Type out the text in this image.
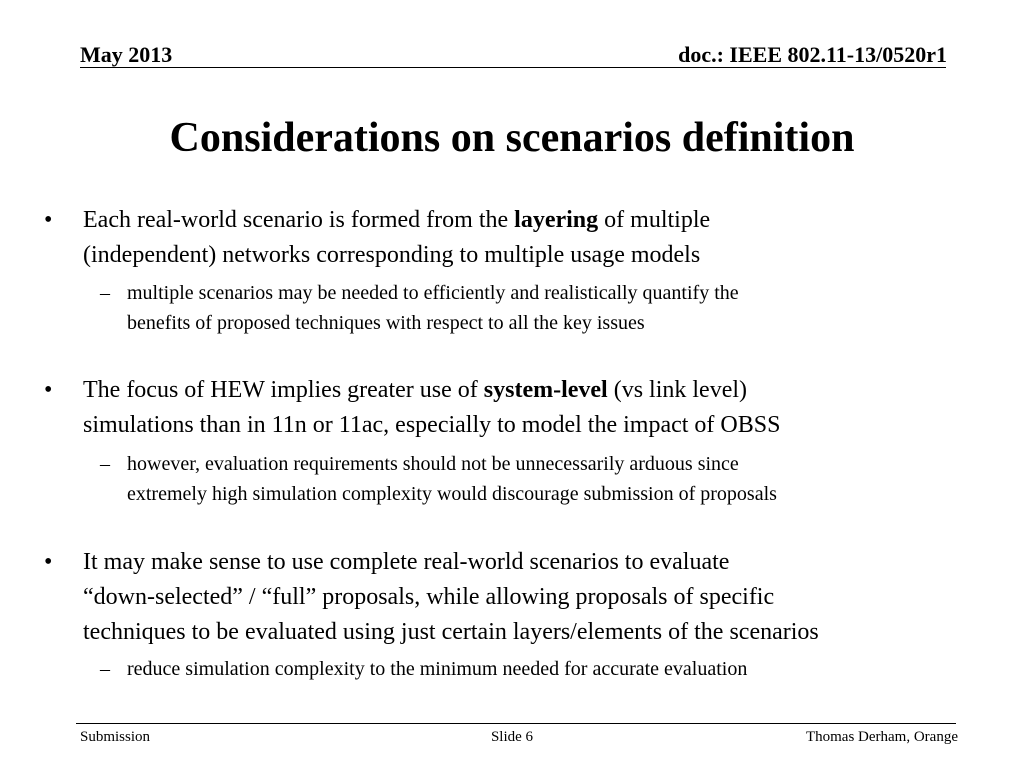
May 2013	doc.: IEEE 802.11-13/0520r1
Considerations on scenarios definition
• Each real-world scenario is formed from the layering of multiple
(independent) networks corresponding to multiple usage models
– multiple scenarios may be needed to efficiently and realistically quantify the
benefits of proposed techniques with respect to all the key issues
• The focus of HEW implies greater use of system-level (vs link level)
simulations than in 11n or 11ac, especially to model the impact of OBSS
– however, evaluation requirements should not be unnecessarily arduous since
extremely high simulation complexity would discourage submission of proposals
• It may make sense to use complete real-world scenarios to evaluate
“down-selected” / “full” proposals, while allowing proposals of specific
techniques to be evaluated using just certain layers/elements of the scenarios
– reduce simulation complexity to the minimum needed for accurate evaluation
Submission	Slide 6	Thomas Derham, Orange
